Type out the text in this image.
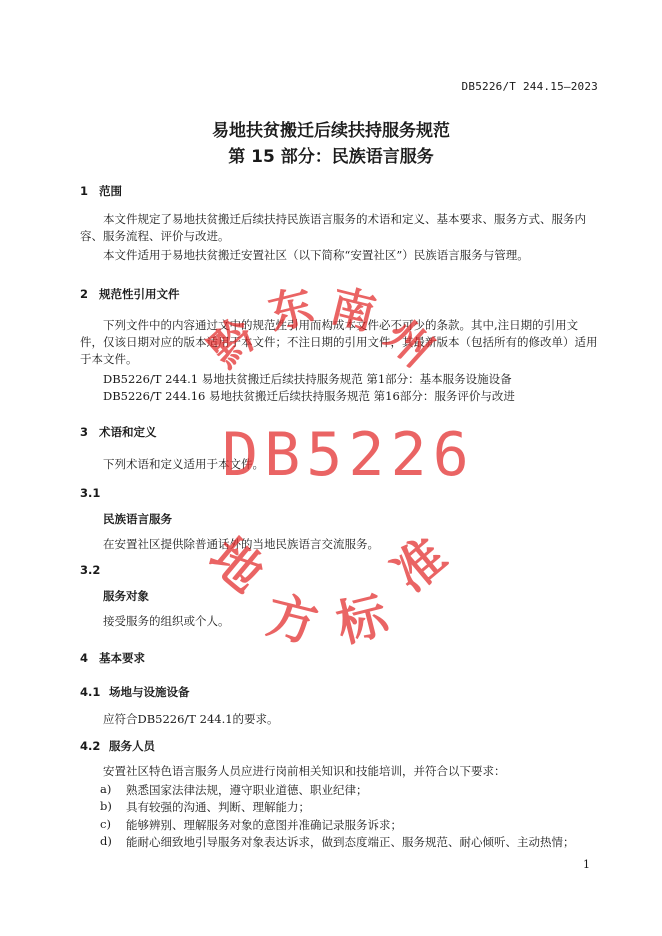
DB5226/T 244.15—2023
易地扶贫搬迁后续扶持服务规范
第 15 部分：民族语言服务
1 范围
本文件规定了易地扶贫搬迁后续扶持民族语言服务的术语和定义、基本要求、服务方式、服务内容、服务流程、评价与改进。
本文件适用于易地扶贫搬迁安置社区（以下简称“安置社区”）民族语言服务与管理。
2 规范性引用文件
下列文件中的内容通过文中的规范性引用而构成本文件必不可少的条款。其中,注日期的引用文件，仅该日期对应的版本适用于本文件；不注日期的引用文件，其最新版本（包括所有的修改单）适用于本文件。
DB5226/T 244.1 易地扶贫搬迁后续扶持服务规范 第1部分：基本服务设施设备
DB5226/T 244.16 易地扶贫搬迁后续扶持服务规范 第16部分：服务评价与改进
3 术语和定义
下列术语和定义适用于本文件。
3.1
民族语言服务
在安置社区提供除普通话外的当地民族语言交流服务。
3.2
服务对象
接受服务的组织或个人。
4 基本要求
4.1 场地与设施设备
应符合DB5226/T 244.1的要求。
4.2 服务人员
安置社区特色语言服务人员应进行岗前相关知识和技能培训，并符合以下要求：
a) 熟悉国家法律法规，遵守职业道德、职业纪律；
b) 具有较强的沟通、判断、理解能力；
c) 能够辨别、理解服务对象的意图并准确记录服务诉求；
d) 能耐心细致地引导服务对象表达诉求，做到态度端正、服务规范、耐心倾听、主动热情；
1
黔
东 南
州
DB5226
地
方 标
准
